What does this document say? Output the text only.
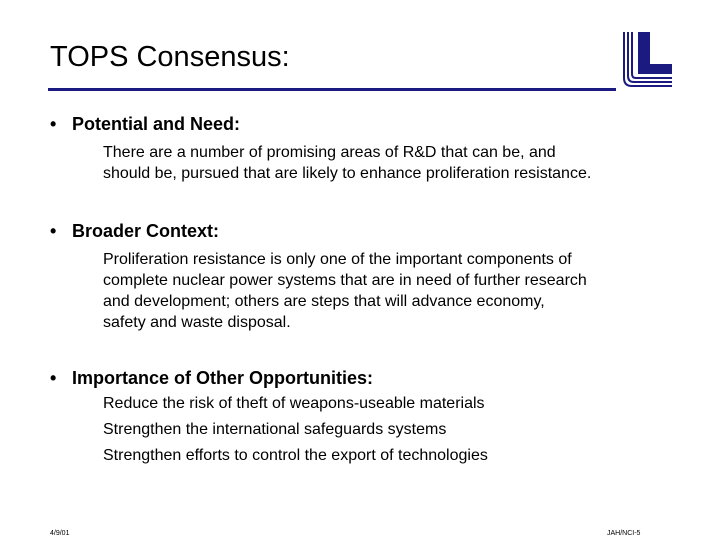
TOPS Consensus:
• Potential and Need:
There are a number of promising areas of R&D that can be, and
should be, pursued that are likely to enhance proliferation resistance.
• Broader Context:
Proliferation resistance is only one of the important components of
complete nuclear power systems that are in need of further research
and development; others are steps that will advance economy,
safety and waste disposal.
• Importance of Other Opportunities:
Reduce the risk of theft of weapons-useable materials
Strengthen the international safeguards systems
Strengthen efforts to control the export of technologies
4/9/01	JAH/NCI-5
